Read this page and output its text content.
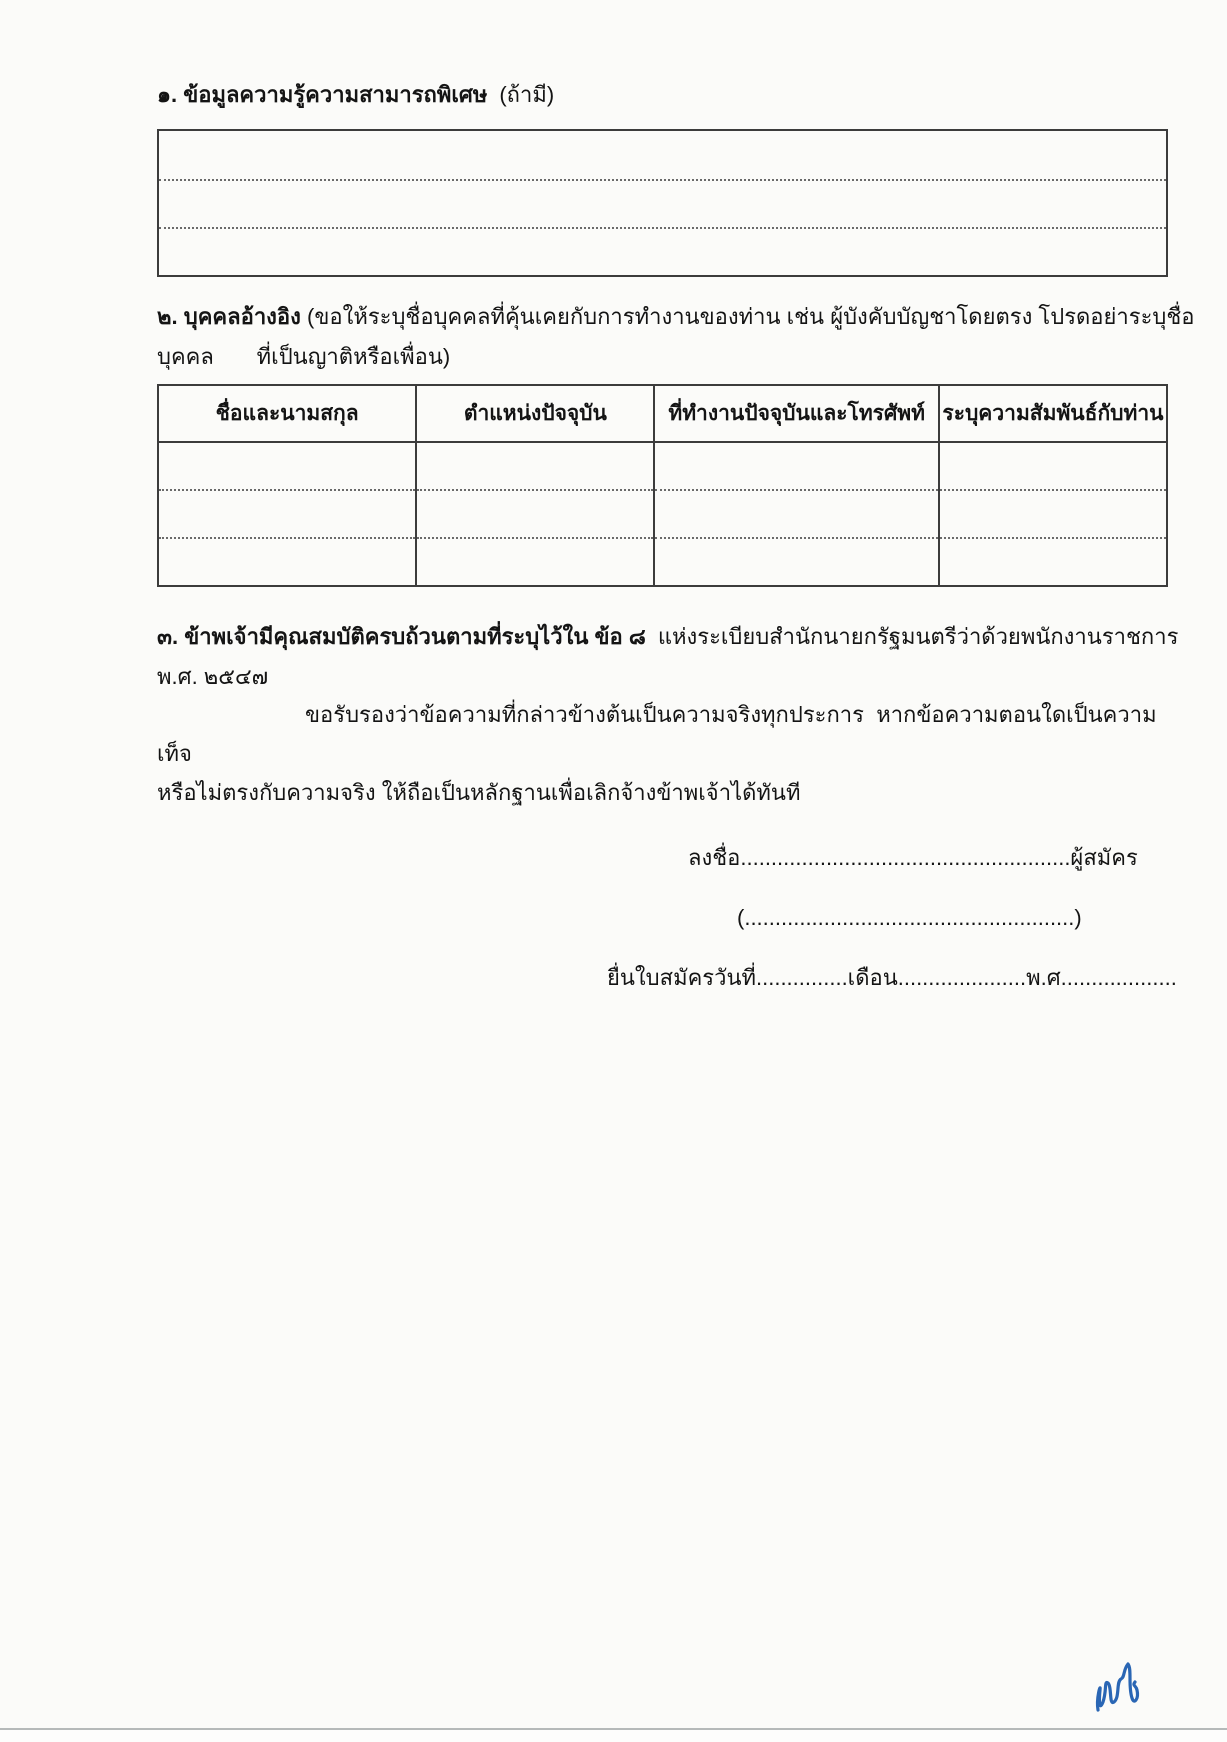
๑. ข้อมูลความรู้ความสามารถพิเศษ (ถ้ามี)
๒. บุคคลอ้างอิง (ขอให้ระบุชื่อบุคคลที่คุ้นเคยกับการทำงานของท่าน เช่น ผู้บังคับบัญชาโดยตรง โปรดอย่าระบุชื่อ
บุคคล       ที่เป็นญาติหรือเพื่อน)
ชื่อและนามสกุล	ตำแหน่งปัจจุบัน	ที่ทำงานปัจจุบันและโทรศัพท์	ระบุความสัมพันธ์กับท่าน

๓. ข้าพเจ้ามีคุณสมบัติครบถ้วนตามที่ระบุไว้ใน ข้อ ๘ แห่งระเบียบสำนักนายกรัฐมนตรีว่าด้วยพนักงานราชการ
พ.ศ. ๒๕๔๗
ขอรับรองว่าข้อความที่กล่าวข้างต้นเป็นความจริงทุกประการ  หากข้อความตอนใดเป็นความเท็จ
หรือไม่ตรงกับความจริง ให้ถือเป็นหลักฐานเพื่อเลิกจ้างข้าพเจ้าได้ทันที
ลงชื่อ......................................................ผู้สมัคร
(......................................................)
ยื่นใบสมัครวันที่...............เดือน.....................พ.ศ...................
